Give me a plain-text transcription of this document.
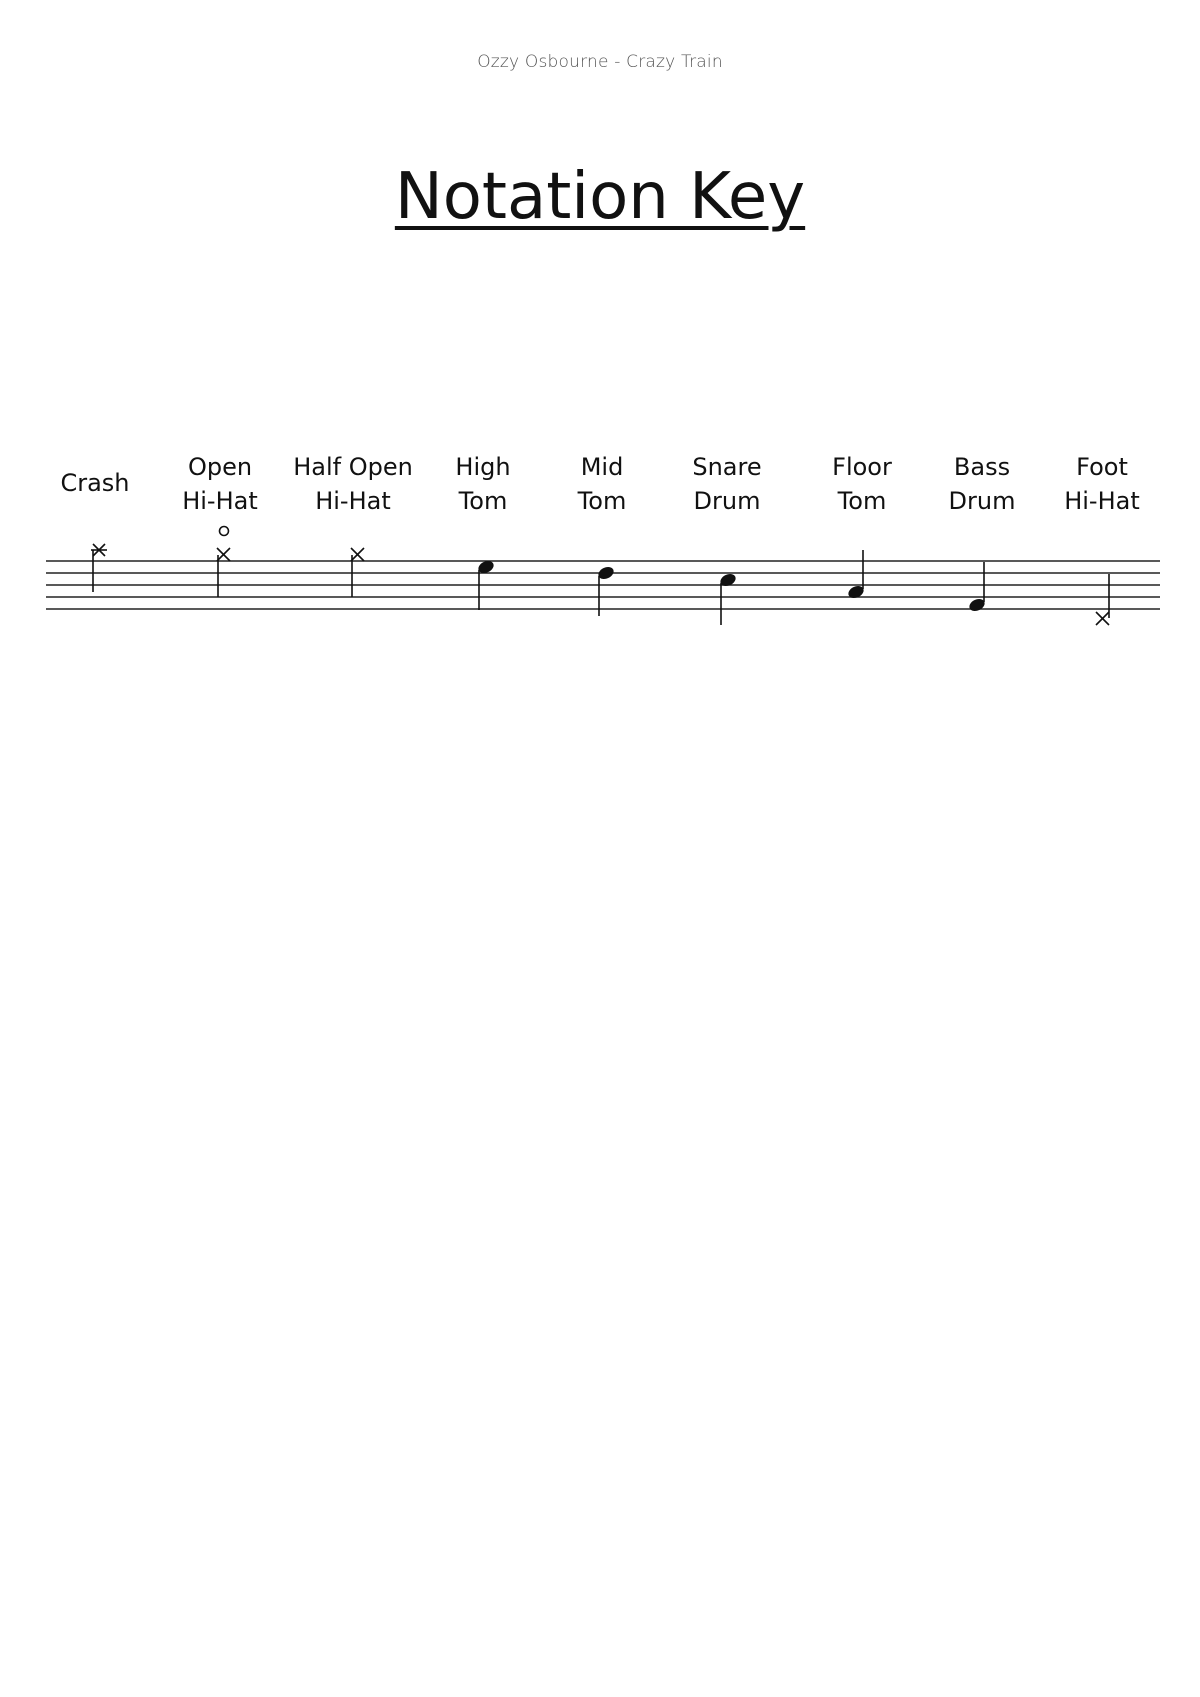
Ozzy Osbourne - Crazy Train
Notation Key
Crash
Open
Hi-Hat
Half Open
Hi-Hat
High
Tom
Mid
Tom
Snare
Drum
Floor
Tom
Bass
Drum
Foot
Hi-Hat
